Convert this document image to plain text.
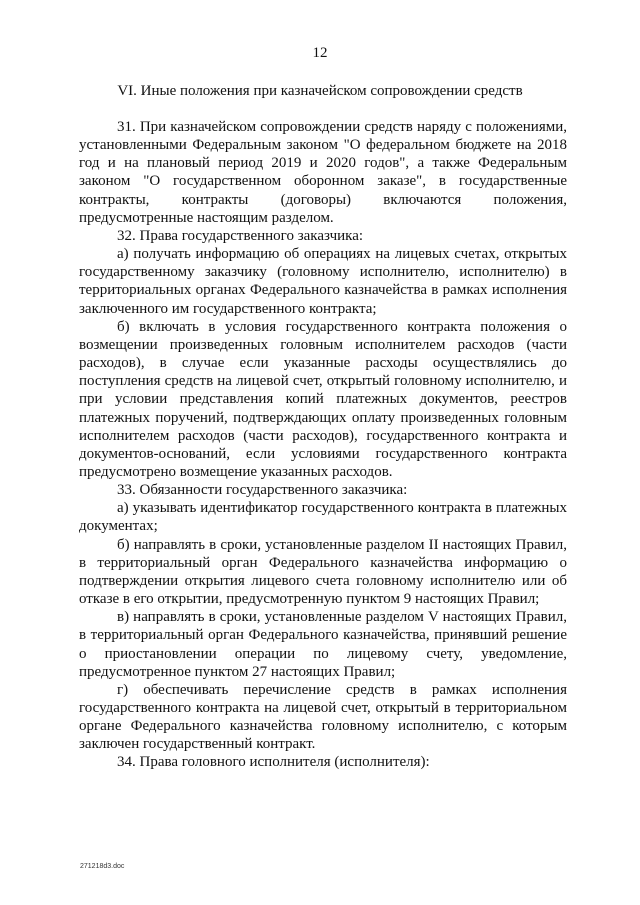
12
VI. Иные положения при казначейском сопровождении средств

31. При казначейском сопровождении средств наряду с положениями, установленными Федеральным законом "О федеральном бюджете на 2018 год и на плановый период 2019 и 2020 годов", а также Федеральным законом "О государственном оборонном заказе", в государственные контракты, контракты (договоры) включаются положения, предусмотренные настоящим разделом.

32. Права государственного заказчика:

а) получать информацию об операциях на лицевых счетах, открытых государственному заказчику (головному исполнителю, исполнителю) в территориальных органах Федерального казначейства в рамках исполнения заключенного им государственного контракта;

б) включать в условия государственного контракта положения о возмещении произведенных головным исполнителем расходов (части расходов), в случае если указанные расходы осуществлялись до поступления средств на лицевой счет, открытый головному исполнителю, и при условии представления копий платежных документов, реестров платежных поручений, подтверждающих оплату произведенных головным исполнителем расходов (части расходов), государственного контракта и документов-оснований, если условиями государственного контракта предусмотрено возмещение указанных расходов.

33. Обязанности государственного заказчика:

а) указывать идентификатор государственного контракта в платежных документах;

б) направлять в сроки, установленные разделом II настоящих Правил, в территориальный орган Федерального казначейства информацию о подтверждении открытия лицевого счета головному исполнителю или об отказе в его открытии, предусмотренную пунктом 9 настоящих Правил;

в) направлять в сроки, установленные разделом V настоящих Правил, в территориальный орган Федерального казначейства, принявший решение о приостановлении операции по лицевому счету, уведомление, предусмотренное пунктом 27 настоящих Правил;

г) обеспечивать перечисление средств в рамках исполнения государственного контракта на лицевой счет, открытый в территориальном органе Федерального казначейства головному исполнителю, с которым заключен государственный контракт.

34. Права головного исполнителя (исполнителя):

271218d3.doc
